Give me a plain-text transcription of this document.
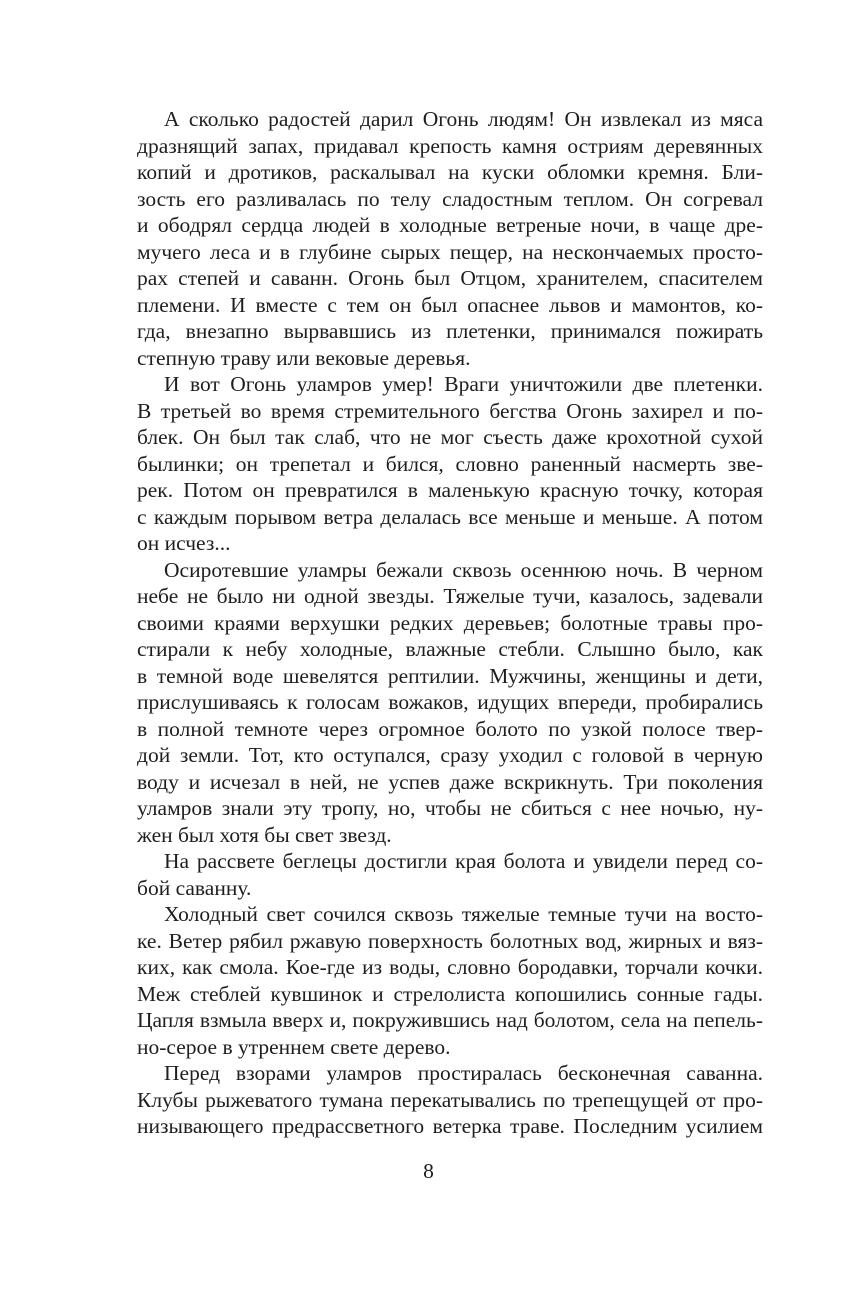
А сколько радостей дарил Огонь людям! Он извлекал из мяса
дразнящий запах, придавал крепость камня остриям деревянных
копий и дротиков, раскалывал на куски обломки кремня. Бли-
зость его разливалась по телу сладостным теплом. Он согревал
и ободрял сердца людей в холодные ветреные ночи, в чаще дре-
мучего леса и в глубине сырых пещер, на нескончаемых просто-
рах степей и саванн. Огонь был Отцом, хранителем, спасителем
племени. И вместе с тем он был опаснее львов и мамонтов, ко-
гда, внезапно вырвавшись из плетенки, принимался пожирать
степную траву или вековые деревья.
И вот Огонь уламров умер! Враги уничтожили две плетенки.
В третьей во время стремительного бегства Огонь захирел и по-
блек. Он был так слаб, что не мог съесть даже крохотной сухой
былинки; он трепетал и бился, словно раненный насмерть зве-
рек. Потом он превратился в маленькую красную точку, которая
с каждым порывом ветра делалась все меньше и меньше. А потом
он исчез...
Осиротевшие уламры бежали сквозь осеннюю ночь. В черном
небе не было ни одной звезды. Тяжелые тучи, казалось, задевали
своими краями верхушки редких деревьев; болотные травы про-
стирали к небу холодные, влажные стебли. Слышно было, как
в темной воде шевелятся рептилии. Мужчины, женщины и дети,
прислушиваясь к голосам вожаков, идущих впереди, пробирались
в полной темноте через огромное болото по узкой полосе твер-
дой земли. Тот, кто оступался, сразу уходил с головой в черную
воду и исчезал в ней, не успев даже вскрикнуть. Три поколения
уламров знали эту тропу, но, чтобы не сбиться с нее ночью, ну-
жен был хотя бы свет звезд.
На рассвете беглецы достигли края болота и увидели перед со-
бой саванну.
Холодный свет сочился сквозь тяжелые темные тучи на восто-
ке. Ветер рябил ржавую поверхность болотных вод, жирных и вяз-
ких, как смола. Кое-где из воды, словно бородавки, торчали кочки.
Меж стеблей кувшинок и стрелолиста копошились сонные гады.
Цапля взмыла вверх и, покружившись над болотом, села на пепель-
но-серое в утреннем свете дерево.
Перед взорами уламров простиралась бесконечная саванна.
Клубы рыжеватого тумана перекатывались по трепещущей от про-
низывающего предрассветного ветерка траве. Последним усилием
8
